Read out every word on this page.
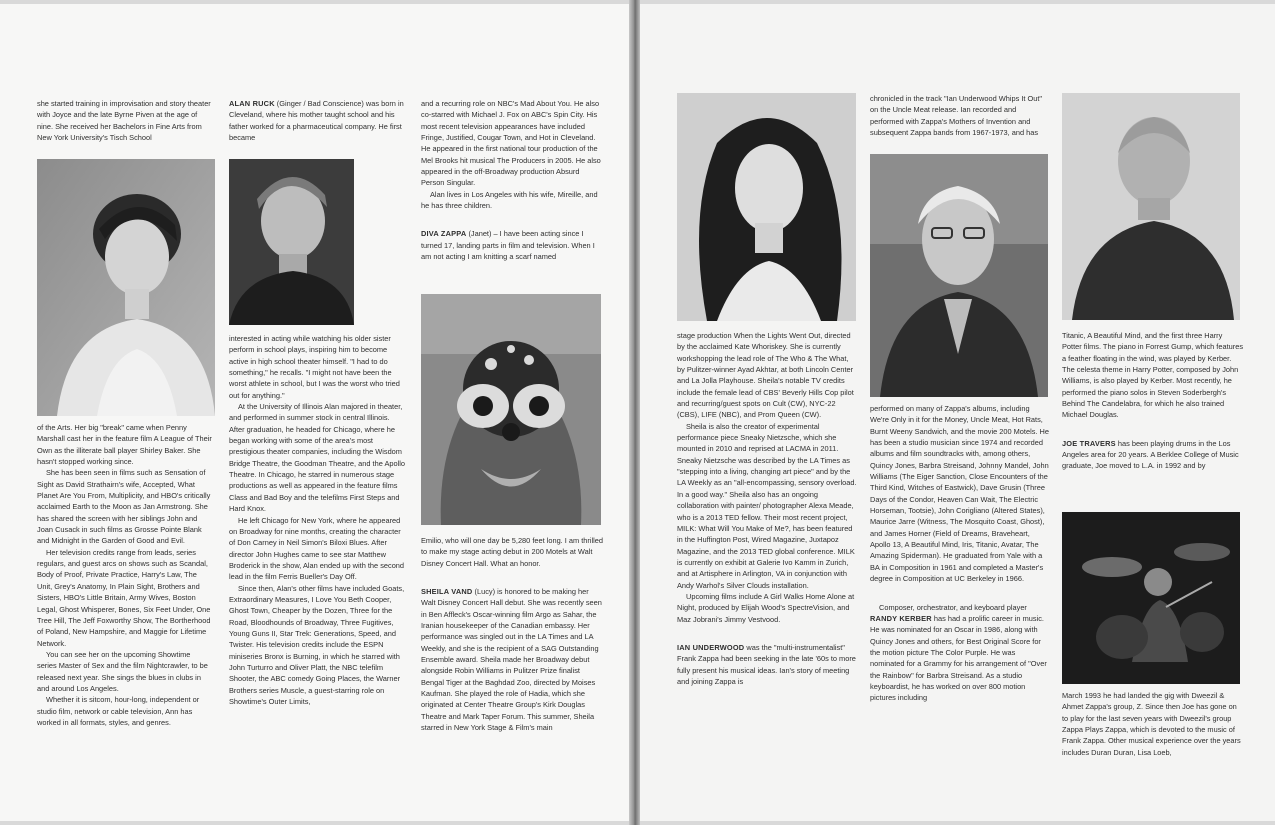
she started training in improvisation and story theater with Joyce and the late Byrne Piven at the age of nine. She received her Bachelors in Fine Arts from New York University's Tisch School

of the Arts. Her big "break" came when Penny Marshall cast her in the feature film A League of Their Own as the illiterate ball player Shirley Baker. She hasn't stopped working since.

She has been seen in films such as Sensation of Sight as David Strathairn's wife, Accepted, What Planet Are You From, Multiplicity, and HBO's critically acclaimed Earth to the Moon as Jan Armstrong. She has shared the screen with her siblings John and Joan Cusack in such films as Grosse Pointe Blank and Midnight in the Garden of Good and Evil.

Her television credits range from leads, series regulars, and guest arcs on shows such as Scandal, Body of Proof, Private Practice, Harry's Law, The Unit, Grey's Anatomy, In Plain Sight, Brothers and Sisters, HBO's Little Britain, Army Wives, Boston Legal, Ghost Whisperer, Bones, Six Feet Under, One Tree Hill, The Jeff Foxworthy Show, The Bortherhood of Poland, New Hampshire, and Maggie for Lifetime Network.

You can see her on the upcoming Showtime series Master of Sex and the film Nightcrawler, to be released next year. She sings the blues in clubs in and around Los Angeles.

Whether it is sitcom, hour-long, independent or studio film, network or cable television, Ann has worked in all formats, styles, and genres.

ALAN RUCK (Ginger / Bad Conscience) was born in Cleveland, where his mother taught school and his father worked for a pharmaceutical company. He first became

interested in acting while watching his older sister perform in school plays, inspiring him to become active in high school theater himself. "I had to do something," he recalls. "I might not have been the worst athlete in school, but I was the worst who tried out for anything."

At the University of Illinois Alan majored in theater, and performed in summer stock in central Illinois. After graduation, he headed for Chicago, where he began working with some of the area's most prestigious theater companies, including the Wisdom Bridge Theatre, the Goodman Theatre, and the Apollo Theatre. In Chicago, he starred in numerous stage productions as well as appeared in the feature films Class and Bad Boy and the telefilms First Steps and Hard Knox.

He left Chicago for New York, where he appeared on Broadway for nine months, creating the character of Don Carney in Neil Simon's Biloxi Blues. After director John Hughes came to see star Matthew Broderick in the show, Alan ended up with the second lead in the film Ferris Bueller's Day Off.

Since then, Alan's other films have included Goats, Extraordinary Measures, I Love You Beth Cooper, Ghost Town, Cheaper by the Dozen, Three for the Road, Bloodhounds of Broadway, Three Fugitives, Young Guns II, Star Trek: Generations, Speed, and Twister. His television credits include the ESPN miniseries Bronx is Burning, in which he starred with John Turturro and Oliver Platt, the NBC telefilm Shooter, the ABC comedy Going Places, the Warner Brothers series Muscle, a guest-starring role on Showtime's Outer Limits,

and a recurring role on NBC's Mad About You. He also co-starred with Michael J. Fox on ABC's Spin City. His most recent television appearances have included Fringe, Justified, Cougar Town, and Hot in Cleveland. He appeared in the first national tour production of the Mel Brooks hit musical The Producers in 2005. He also appeared in the off-Broadway production Absurd Person Singular.

Alan lives in Los Angeles with his wife, Mireille, and he has three children.

DIVA ZAPPA (Janet) – I have been acting since I turned 17, landing parts in film and television. When I am not acting I am knitting a scarf named

Emilio, who will one day be 5,280 feet long. I am thrilled to make my stage acting debut in 200 Motels at Walt Disney Concert Hall. What an honor.

SHEILA VAND (Lucy) is honored to be making her Walt Disney Concert Hall debut. She was recently seen in Ben Affleck's Oscar-winning film Argo as Sahar, the Iranian housekeeper of the Canadian embassy. Her performance was singled out in the LA Times and LA Weekly, and she is the recipient of a SAG Outstanding Ensemble award. Sheila made her Broadway debut alongside Robin Williams in Pulitzer Prize finalist Bengal Tiger at the Baghdad Zoo, directed by Moises Kaufman. She played the role of Hadia, which she originated at Center Theatre Group's Kirk Douglas Theatre and Mark Taper Forum. This summer, Sheila starred in New York Stage & Film's main

stage production When the Lights Went Out, directed by the acclaimed Kate Whoriskey. She is currently workshopping the lead role of The Who & The What, by Pulitzer-winner Ayad Akhtar, at both Lincoln Center and La Jolla Playhouse. Sheila's notable TV credits include the female lead of CBS' Beverly Hills Cop pilot and recurring/guest spots on Cult (CW), NYC-22 (CBS), LIFE (NBC), and Prom Queen (CW).

Sheila is also the creator of experimental performance piece Sneaky Nietzsche, which she mounted in 2010 and reprised at LACMA in 2011. Sneaky Nietzsche was described by the LA Times as "stepping into a living, changing art piece" and by the LA Weekly as an "all-encompassing, sensory overload. In a good way." Sheila also has an ongoing collaboration with painter/ photographer Alexa Meade, who is a 2013 TED fellow. Their most recent project, MILK: What Will You Make of Me?, has been featured in the Huffington Post, Wired Magazine, Juxtapoz Magazine, and the 2013 TED global conference. MILK is currently on exhibit at Galerie Ivo Kamm in Zurich, and at Artisphere in Arlington, VA in conjunction with Andy Warhol's Silver Clouds installation.

Upcoming films include A Girl Walks Home Alone at Night, produced by Elijah Wood's SpectreVision, and Maz Jobrani's Jimmy Vestvood.

IAN UNDERWOOD was the "multi-instrumentalist" Frank Zappa had been seeking in the late '60s to more fully present his musical ideas. Ian's story of meeting and joining Zappa is

chronicled in the track "Ian Underwood Whips It Out" on the Uncle Meat release. Ian recorded and performed with Zappa's Mothers of Invention and subsequent Zappa bands from 1967-1973, and has

performed on many of Zappa's albums, including We're Only in it for the Money, Uncle Meat, Hot Rats, Burnt Weeny Sandwich, and the movie 200 Motels. He has been a studio musician since 1974 and recorded albums and film soundtracks with, among others, Quincy Jones, Barbra Streisand, Johnny Mandel, John Williams (The Eiger Sanction, Close Encounters of the Third Kind, Witches of Eastwick), Dave Grusin (Three Days of the Condor, Heaven Can Wait, The Electric Horseman, Tootsie), John Corigliano (Altered States), Maurice Jarre (Witness, The Mosquito Coast, Ghost), and James Horner (Field of Dreams, Braveheart, Apollo 13, A Beautiful Mind, Iris, Titanic, Avatar, The Amazing Spiderman). He graduated from Yale with a BA in Composition in 1961 and completed a Master's degree in Composition at UC Berkeley in 1966.

Composer, orchestrator, and keyboard player RANDY KERBER has had a prolific career in music. He was nominated for an Oscar in 1986, along with Quincy Jones and others, for Best Original Score for the motion picture The Color Purple. He was nominated for a Grammy for his arrangement of "Over the Rainbow" for Barbra Streisand. As a studio keyboardist, he has worked on over 800 motion pictures including

Titanic, A Beautiful Mind, and the first three Harry Potter films. The piano in Forrest Gump, which features a feather floating in the wind, was played by Kerber. The celesta theme in Harry Potter, composed by John Williams, is also played by Kerber. Most recently, he performed the piano solos in Steven Soderbergh's Behind The Candelabra, for which he also trained Michael Douglas.

JOE TRAVERS has been playing drums in the Los Angeles area for 20 years. A Berklee College of Music graduate, Joe moved to L.A. in 1992 and by

March 1993 he had landed the gig with Dweezil & Ahmet Zappa's group, Z. Since then Joe has gone on to play for the last seven years with Dweezil's group Zappa Plays Zappa, which is devoted to the music of Frank Zappa. Other musical experience over the years includes Duran Duran, Lisa Loeb,
